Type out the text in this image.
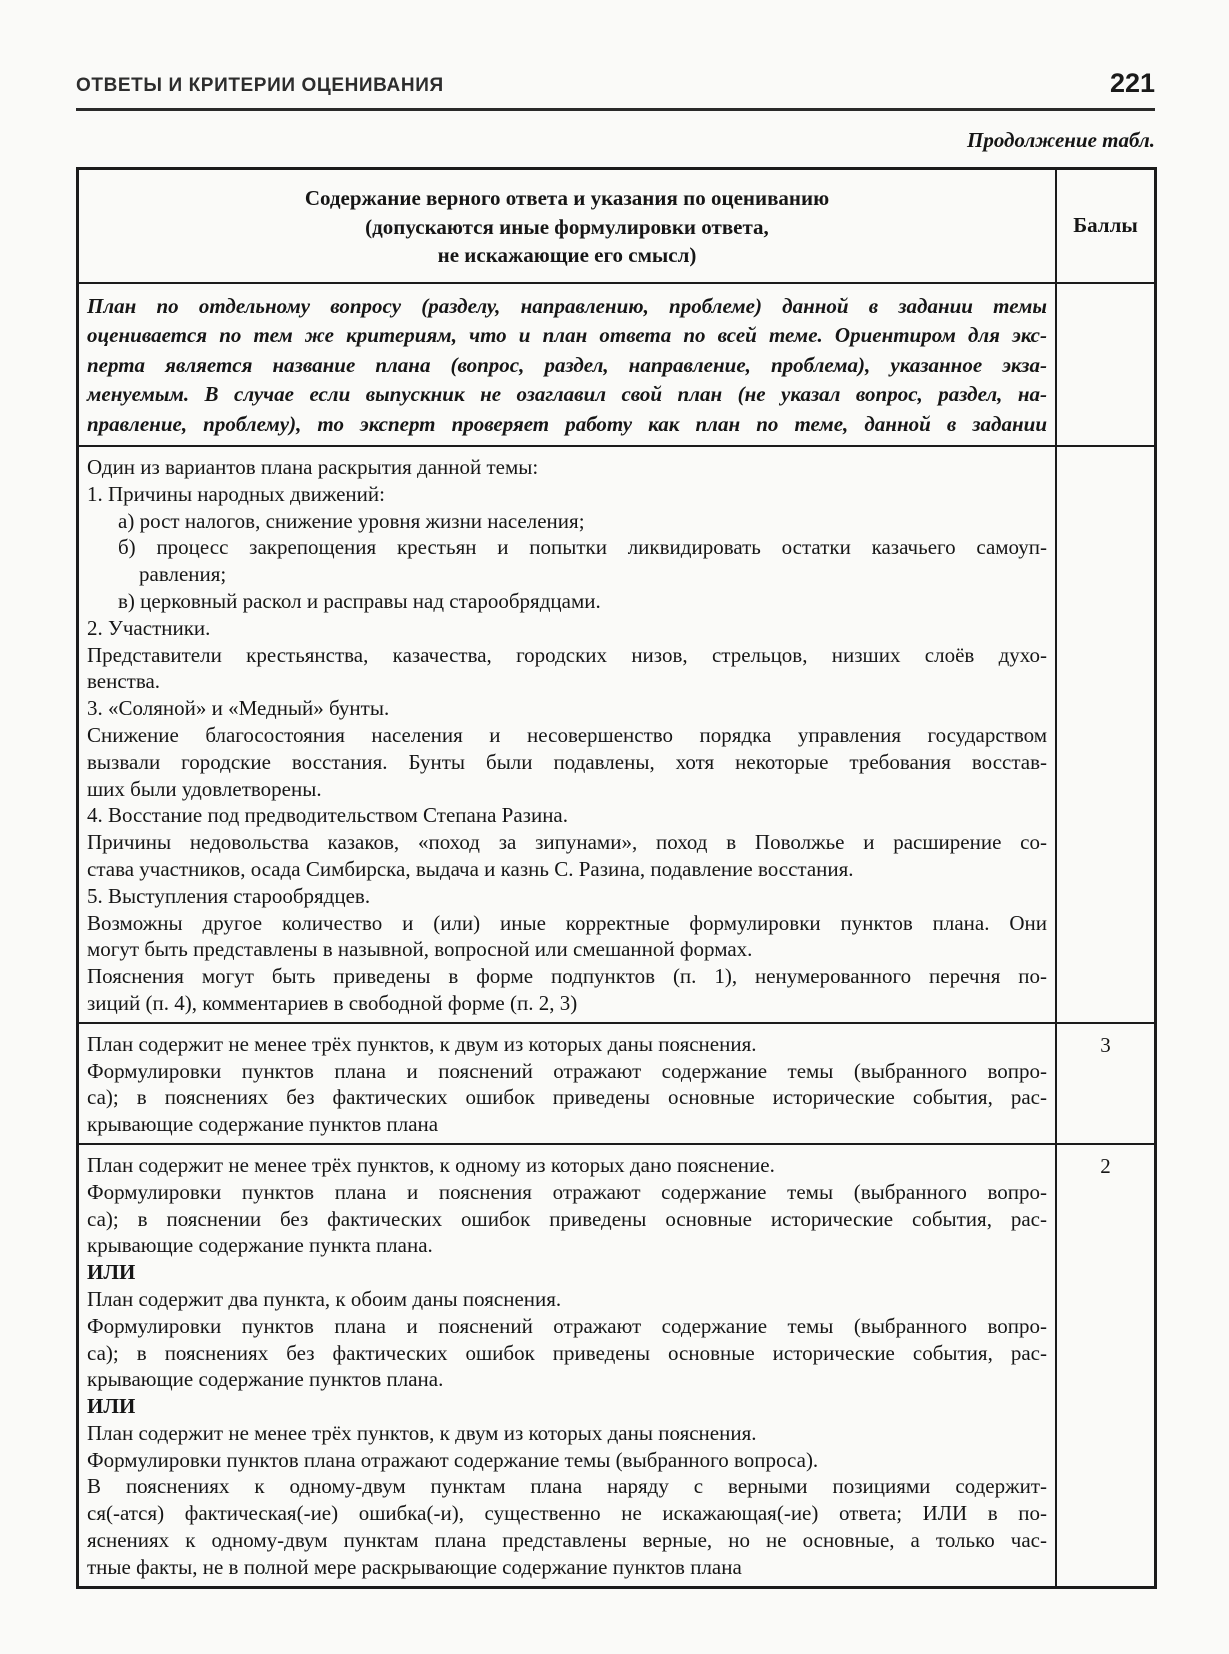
ОТВЕТЫ И КРИТЕРИИ ОЦЕНИВАНИЯ	221
Продолжение табл.
Содержание верного ответа и указания по оцениванию
(допускаются иные формулировки ответа,
не искажающие его смысл)
Баллы
План по отдельному вопросу (разделу, направлению, проблеме) данной в задании темы
оценивается по тем же критериям, что и план ответа по всей теме. Ориентиром для экс-
перта является название плана (вопрос, раздел, направление, проблема), указанное экза-
менуемым. В случае если выпускник не озаглавил свой план (не указал вопрос, раздел, на-
правление, проблему), то эксперт проверяет работу как план по теме, данной в задании
Один из вариантов плана раскрытия данной темы:
1. Причины народных движений:
а) рост налогов, снижение уровня жизни населения;
б) процесс закрепощения крестьян и попытки ликвидировать остатки казачьего самоуп-
равления;
в) церковный раскол и расправы над старообрядцами.
2. Участники.
Представители крестьянства, казачества, городских низов, стрельцов, низших слоёв духо-
венства.
3. «Соляной» и «Медный» бунты.
Снижение благосостояния населения и несовершенство порядка управления государством
вызвали городские восстания. Бунты были подавлены, хотя некоторые требования восстав-
ших были удовлетворены.
4. Восстание под предводительством Степана Разина.
Причины недовольства казаков, «поход за зипунами», поход в Поволжье и расширение со-
става участников, осада Симбирска, выдача и казнь С. Разина, подавление восстания.
5. Выступления старообрядцев.
Возможны другое количество и (или) иные корректные формулировки пунктов плана. Они
могут быть представлены в назывной, вопросной или смешанной формах.
Пояснения могут быть приведены в форме подпунктов (п. 1), ненумерованного перечня по-
зиций (п. 4), комментариев в свободной форме (п. 2, 3)
План содержит не менее трёх пунктов, к двум из которых даны пояснения.
Формулировки пунктов плана и пояснений отражают содержание темы (выбранного вопро-
са); в пояснениях без фактических ошибок приведены основные исторические события, рас-
крывающие содержание пунктов плана
3
План содержит не менее трёх пунктов, к одному из которых дано пояснение.
Формулировки пунктов плана и пояснения отражают содержание темы (выбранного вопро-
са); в пояснении без фактических ошибок приведены основные исторические события, рас-
крывающие содержание пункта плана.
ИЛИ
План содержит два пункта, к обоим даны пояснения.
Формулировки пунктов плана и пояснений отражают содержание темы (выбранного вопро-
са); в пояснениях без фактических ошибок приведены основные исторические события, рас-
крывающие содержание пунктов плана.
ИЛИ
План содержит не менее трёх пунктов, к двум из которых даны пояснения.
Формулировки пунктов плана отражают содержание темы (выбранного вопроса).
В пояснениях к одному-двум пунктам плана наряду с верными позициями содержит-
ся(-атся) фактическая(-ие) ошибка(-и), существенно не искажающая(-ие) ответа; ИЛИ в по-
яснениях к одному-двум пунктам плана представлены верные, но не основные, а только час-
тные факты, не в полной мере раскрывающие содержание пунктов плана
2
